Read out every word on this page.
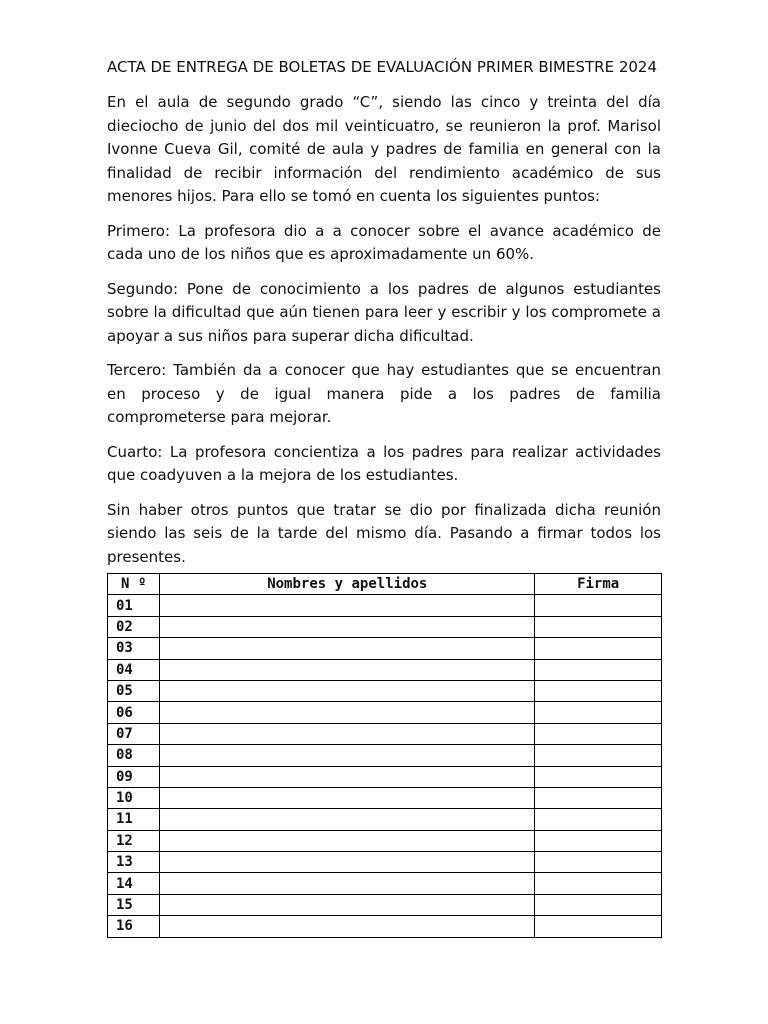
ACTA DE ENTREGA DE BOLETAS DE EVALUACIÓN PRIMER BIMESTRE 2024

En el aula de segundo grado “C”, siendo las cinco y treinta del día dieciocho de junio del dos mil veinticuatro, se reunieron la prof. Marisol Ivonne Cueva Gil, comité de aula y padres de familia en general con la finalidad de recibir información del rendimiento académico de sus menores hijos. Para ello se tomó en cuenta los siguientes puntos:

Primero: La profesora dio a a conocer sobre el avance académico de cada uno de los niños que es aproximadamente un 60%.

Segundo: Pone de conocimiento a los padres de algunos estudiantes sobre la dificultad que aún tienen para leer y escribir y los compromete a apoyar a sus niños para superar dicha dificultad.

Tercero: También da a conocer que hay estudiantes que se encuentran en proceso y de igual manera pide a los padres de familia comprometerse para mejorar.

Cuarto: La profesora concientiza a los padres para realizar actividades que coadyuven a la mejora de los estudiantes.

Sin haber otros puntos que tratar se dio por finalizada dicha reunión siendo las seis de la tarde del mismo día. Pasando a firmar todos los presentes.

N º	Nombres y apellidos	Firma
01		
02		
03		
04		
05		
06		
07		
08		
09		
10		
11		
12		
13		
14		
15		
16		
